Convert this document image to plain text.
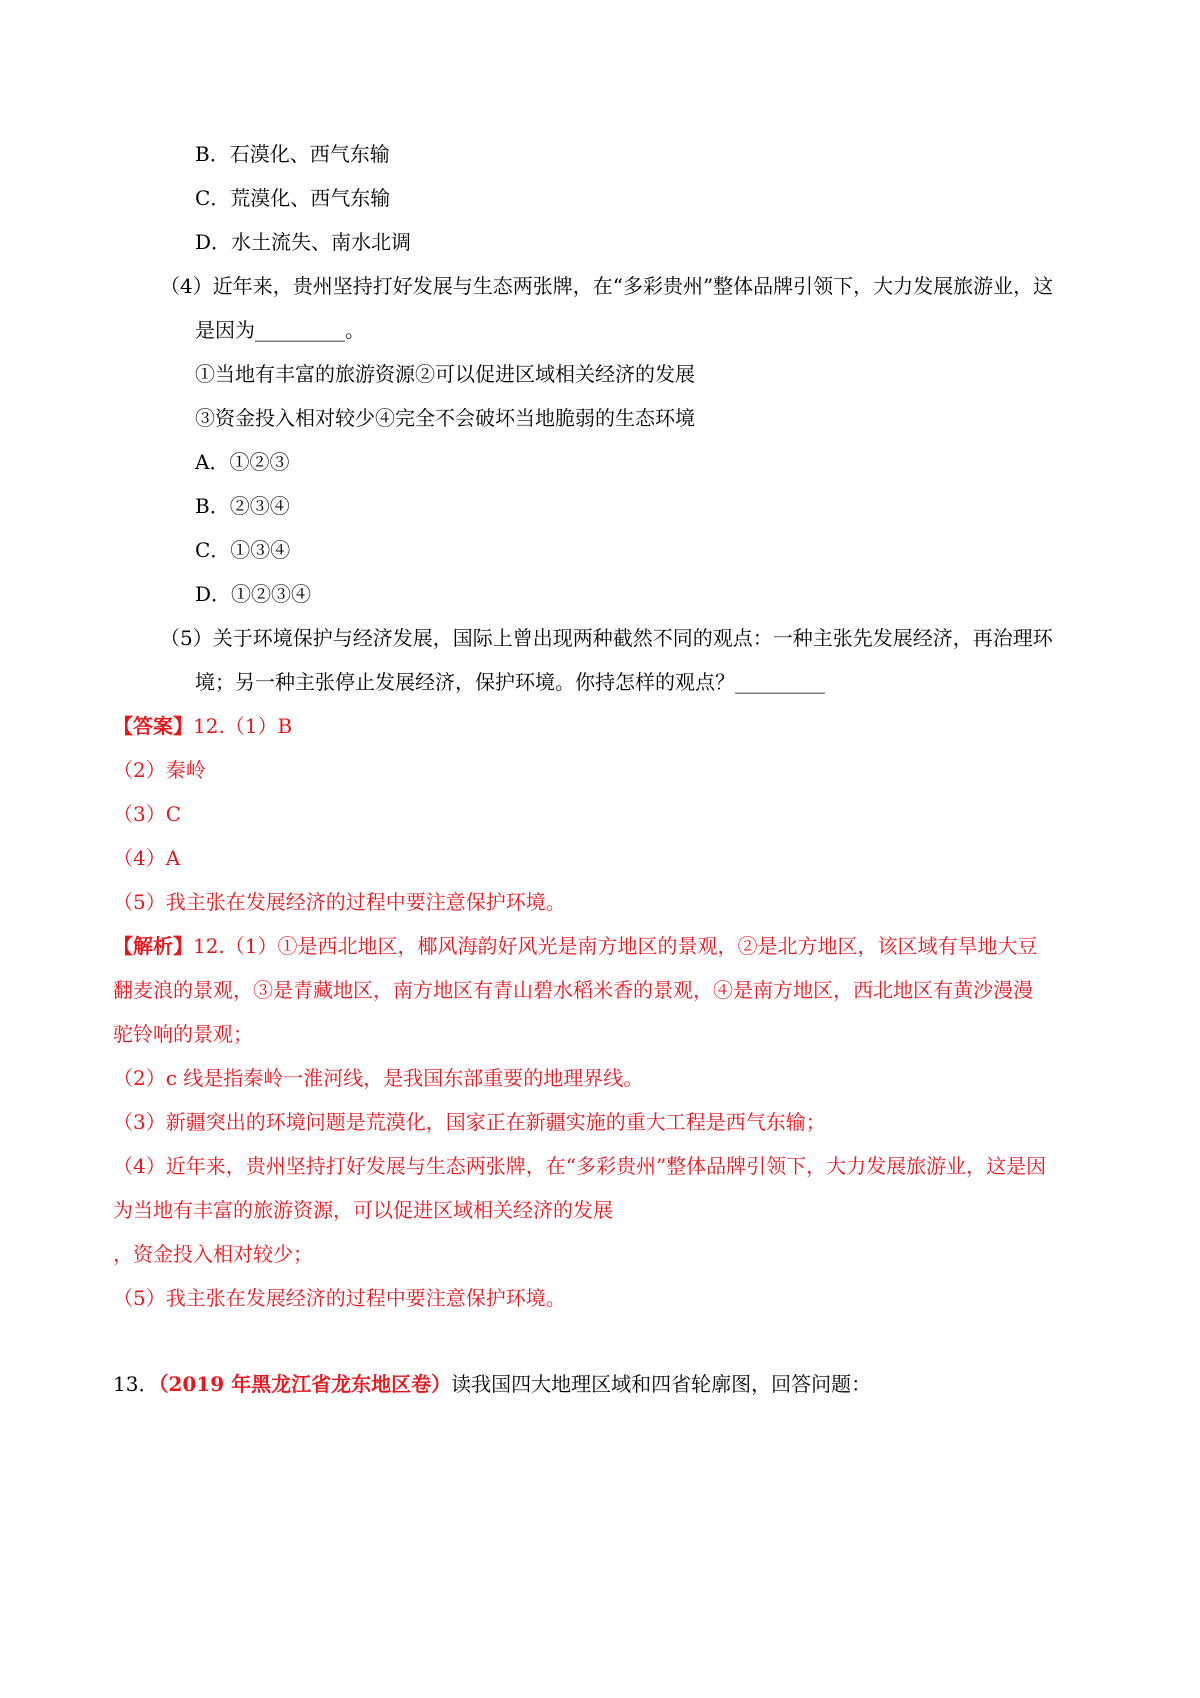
B．石漠化、西气东输
C．荒漠化、西气东输
D．水土流失、南水北调
（4）近年来，贵州坚持打好发展与生态两张牌，在“多彩贵州”整体品牌引领下，大力发展旅游业，这
是因为_________。
①当地有丰富的旅游资源②可以促进区域相关经济的发展
③资金投入相对较少④完全不会破坏当地脆弱的生态环境
A．①②③
B．②③④
C．①③④
D．①②③④
（5）关于环境保护与经济发展，国际上曾出现两种截然不同的观点：一种主张先发展经济，再治理环
境；另一种主张停止发展经济，保护环境。你持怎样的观点？_________
【答案】12.（1）B
（2）秦岭
（3）C
（4）A
（5）我主张在发展经济的过程中要注意保护环境。
【解析】12.（1）①是西北地区，椰风海韵好风光是南方地区的景观，②是北方地区，该区域有旱地大豆
翻麦浪的景观，③是青藏地区，南方地区有青山碧水稻米香的景观，④是南方地区，西北地区有黄沙漫漫
驼铃响的景观；
（2）c 线是指秦岭一淮河线，是我国东部重要的地理界线。
（3）新疆突出的环境问题是荒漠化，国家正在新疆实施的重大工程是西气东输；
（4）近年来，贵州坚持打好发展与生态两张牌，在“多彩贵州”整体品牌引领下，大力发展旅游业，这是因
为当地有丰富的旅游资源，可以促进区域相关经济的发展
，资金投入相对较少；
（5）我主张在发展经济的过程中要注意保护环境。
13．（2019 年黑龙江省龙东地区卷）读我国四大地理区域和四省轮廓图，回答问题：
